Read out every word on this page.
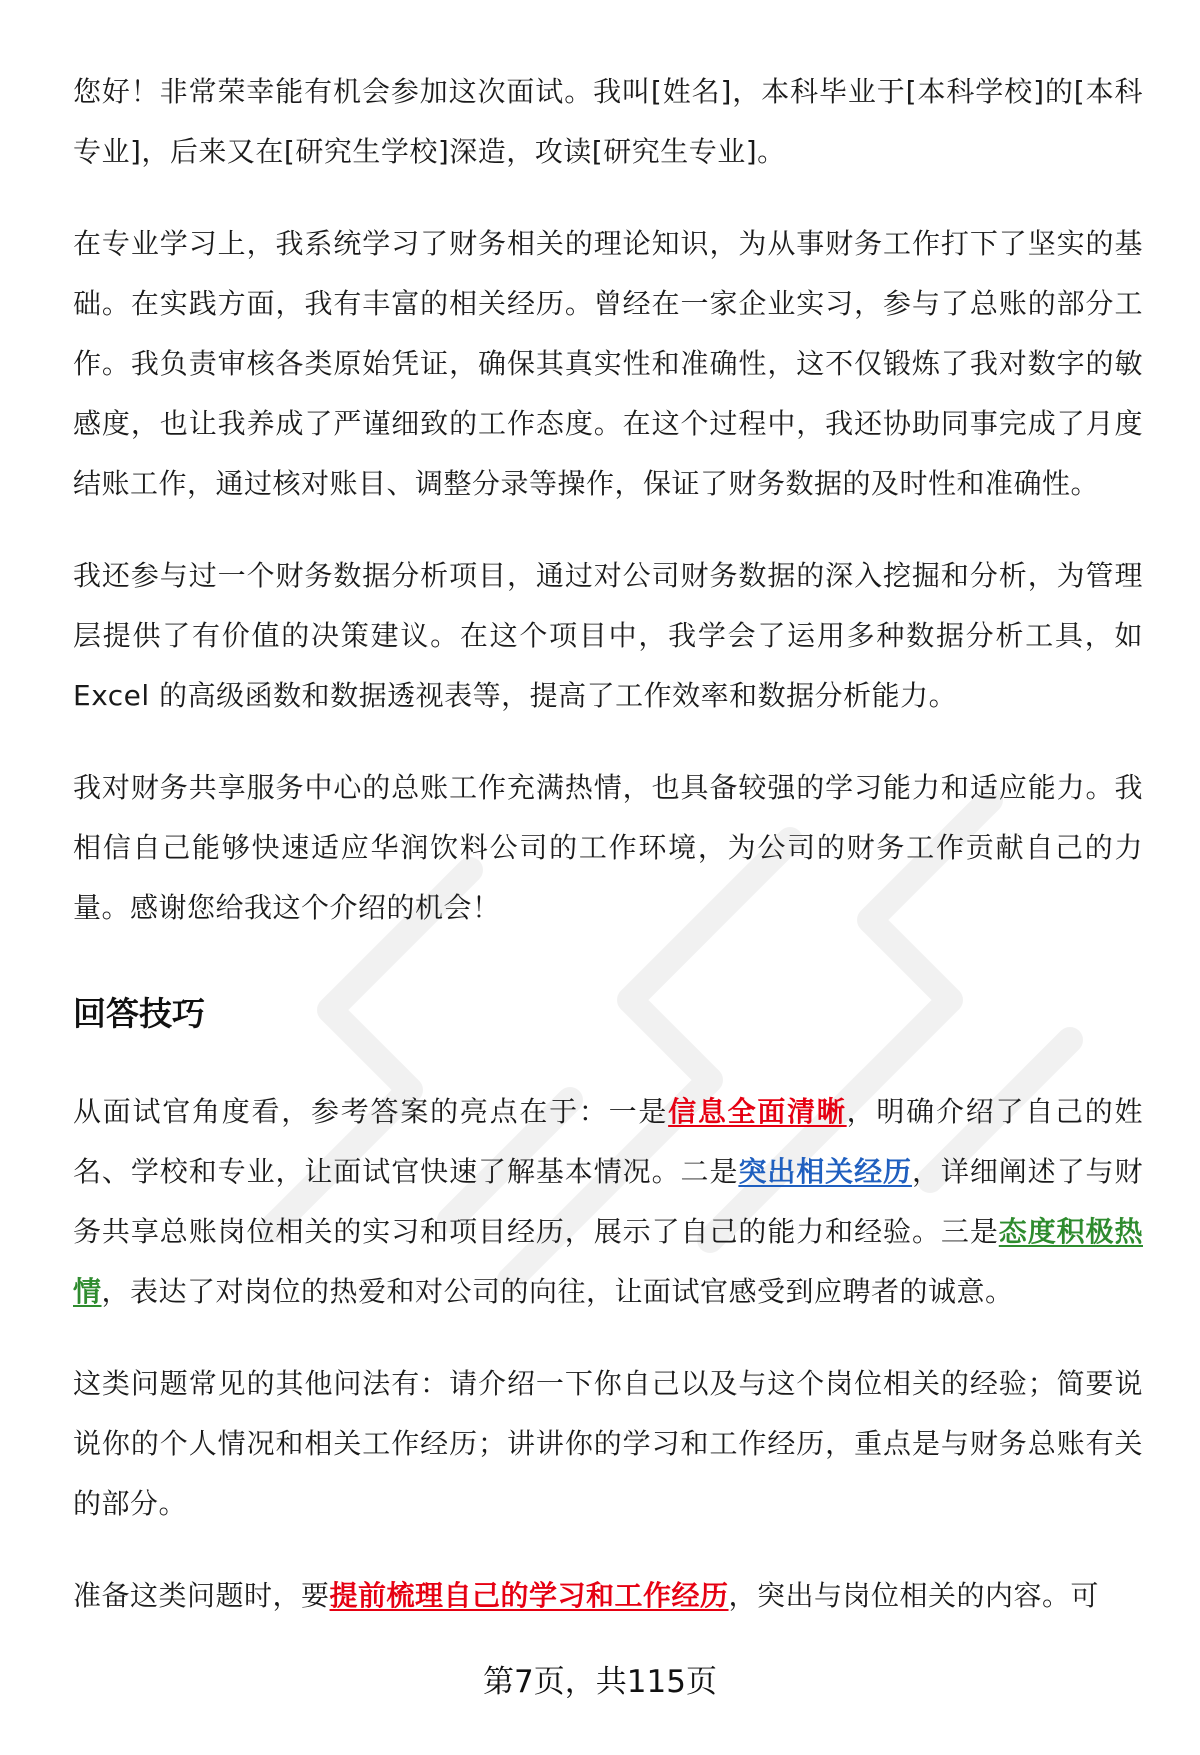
您好！非常荣幸能有机会参加这次面试。我叫[姓名]，本科毕业于[本科学校]的[本科专业]，后来又在[研究生学校]深造，攻读[研究生专业]。

在专业学习上，我系统学习了财务相关的理论知识，为从事财务工作打下了坚实的基础。在实践方面，我有丰富的相关经历。曾经在一家企业实习，参与了总账的部分工作。我负责审核各类原始凭证，确保其真实性和准确性，这不仅锻炼了我对数字的敏感度，也让我养成了严谨细致的工作态度。在这个过程中，我还协助同事完成了月度结账工作，通过核对账目、调整分录等操作，保证了财务数据的及时性和准确性。

我还参与过一个财务数据分析项目，通过对公司财务数据的深入挖掘和分析，为管理层提供了有价值的决策建议。在这个项目中，我学会了运用多种数据分析工具，如 Excel 的高级函数和数据透视表等，提高了工作效率和数据分析能力。

我对财务共享服务中心的总账工作充满热情，也具备较强的学习能力和适应能力。我相信自己能够快速适应华润饮料公司的工作环境，为公司的财务工作贡献自己的力量。感谢您给我这个介绍的机会！

回答技巧

从面试官角度看，参考答案的亮点在于：一是信息全面清晰，明确介绍了自己的姓名、学校和专业，让面试官快速了解基本情况。二是突出相关经历，详细阐述了与财务共享总账岗位相关的实习和项目经历，展示了自己的能力和经验。三是态度积极热情，表达了对岗位的热爱和对公司的向往，让面试官感受到应聘者的诚意。

这类问题常见的其他问法有：请介绍一下你自己以及与这个岗位相关的经验；简要说说你的个人情况和相关工作经历；讲讲你的学习和工作经历，重点是与财务总账有关的部分。

准备这类问题时，要提前梳理自己的学习和工作经历，突出与岗位相关的内容。可

第7页，共115页
